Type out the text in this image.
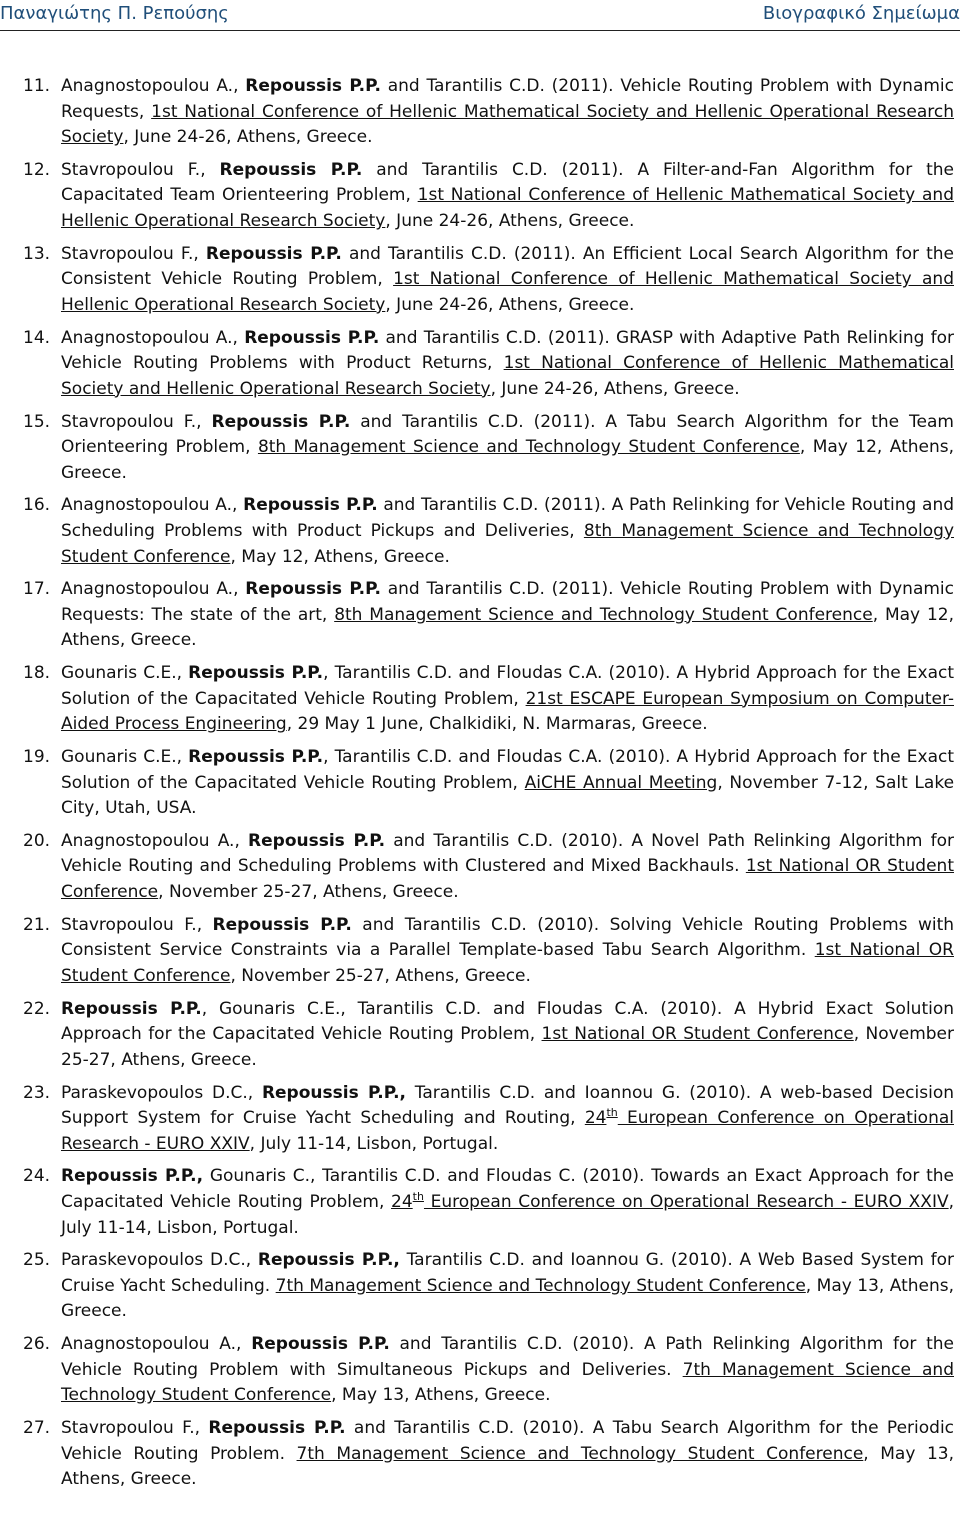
Παναγιώτης Π. Ρεπούσης	Βιογραφικό Σημείωμα
11. Anagnostopoulou A., Repoussis P.P. and Tarantilis C.D. (2011). Vehicle Routing Problem with Dynamic Requests, 1st National Conference of Hellenic Mathematical Society and Hellenic Operational Research Society, June 24-26, Athens, Greece.
12. Stavropoulou F., Repoussis P.P. and Tarantilis C.D. (2011). A Filter-and-Fan Algorithm for the Capacitated Team Orienteering Problem, 1st National Conference of Hellenic Mathematical Society and Hellenic Operational Research Society, June 24-26, Athens, Greece.
13. Stavropoulou F., Repoussis P.P. and Tarantilis C.D. (2011). An Efficient Local Search Algorithm for the Consistent Vehicle Routing Problem, 1st National Conference of Hellenic Mathematical Society and Hellenic Operational Research Society, June 24-26, Athens, Greece.
14. Anagnostopoulou A., Repoussis P.P. and Tarantilis C.D. (2011). GRASP with Adaptive Path Relinking for Vehicle Routing Problems with Product Returns, 1st National Conference of Hellenic Mathematical Society and Hellenic Operational Research Society, June 24-26, Athens, Greece.
15. Stavropoulou F., Repoussis P.P. and Tarantilis C.D. (2011). A Tabu Search Algorithm for the Team Orienteering Problem, 8th Management Science and Technology Student Conference, May 12, Athens, Greece.
16. Anagnostopoulou A., Repoussis P.P. and Tarantilis C.D. (2011). A Path Relinking for Vehicle Routing and Scheduling Problems with Product Pickups and Deliveries, 8th Management Science and Technology Student Conference, May 12, Athens, Greece.
17. Anagnostopoulou A., Repoussis P.P. and Tarantilis C.D. (2011). Vehicle Routing Problem with Dynamic Requests: The state of the art, 8th Management Science and Technology Student Conference, May 12, Athens, Greece.
18. Gounaris C.E., Repoussis P.P., Tarantilis C.D. and Floudas C.A. (2010). A Hybrid Approach for the Exact Solution of the Capacitated Vehicle Routing Problem, 21st ESCAPE European Symposium on Computer-Aided Process Engineering, 29 May 1 June, Chalkidiki, N. Marmaras, Greece.
19. Gounaris C.E., Repoussis P.P., Tarantilis C.D. and Floudas C.A. (2010). A Hybrid Approach for the Exact Solution of the Capacitated Vehicle Routing Problem, AiCHE Annual Meeting, November 7-12, Salt Lake City, Utah, USA.
20. Anagnostopoulou A., Repoussis P.P. and Tarantilis C.D. (2010). A Novel Path Relinking Algorithm for Vehicle Routing and Scheduling Problems with Clustered and Mixed Backhauls. 1st National OR Student Conference, November 25-27, Athens, Greece.
21. Stavropoulou F., Repoussis P.P. and Tarantilis C.D. (2010). Solving Vehicle Routing Problems with Consistent Service Constraints via a Parallel Template-based Tabu Search Algorithm. 1st National OR Student Conference, November 25-27, Athens, Greece.
22. Repoussis P.P., Gounaris C.E., Tarantilis C.D. and Floudas C.A. (2010). A Hybrid Exact Solution Approach for the Capacitated Vehicle Routing Problem, 1st National OR Student Conference, November 25-27, Athens, Greece.
23. Paraskevopoulos D.C., Repoussis P.P., Tarantilis C.D. and Ioannou G. (2010). A web-based Decision Support System for Cruise Yacht Scheduling and Routing, 24th European Conference on Operational Research - EURO XXIV, July 11-14, Lisbon, Portugal.
24. Repoussis P.P., Gounaris C., Tarantilis C.D. and Floudas C. (2010). Towards an Exact Approach for the Capacitated Vehicle Routing Problem, 24th European Conference on Operational Research - EURO XXIV, July 11-14, Lisbon, Portugal.
25. Paraskevopoulos D.C., Repoussis P.P., Tarantilis C.D. and Ioannou G. (2010). A Web Based System for Cruise Yacht Scheduling. 7th Management Science and Technology Student Conference, May 13, Athens, Greece.
26. Anagnostopoulou A., Repoussis P.P. and Tarantilis C.D. (2010). A Path Relinking Algorithm for the Vehicle Routing Problem with Simultaneous Pickups and Deliveries. 7th Management Science and Technology Student Conference, May 13, Athens, Greece.
27. Stavropoulou F., Repoussis P.P. and Tarantilis C.D. (2010). A Tabu Search Algorithm for the Periodic Vehicle Routing Problem. 7th Management Science and Technology Student Conference, May 13, Athens, Greece.
